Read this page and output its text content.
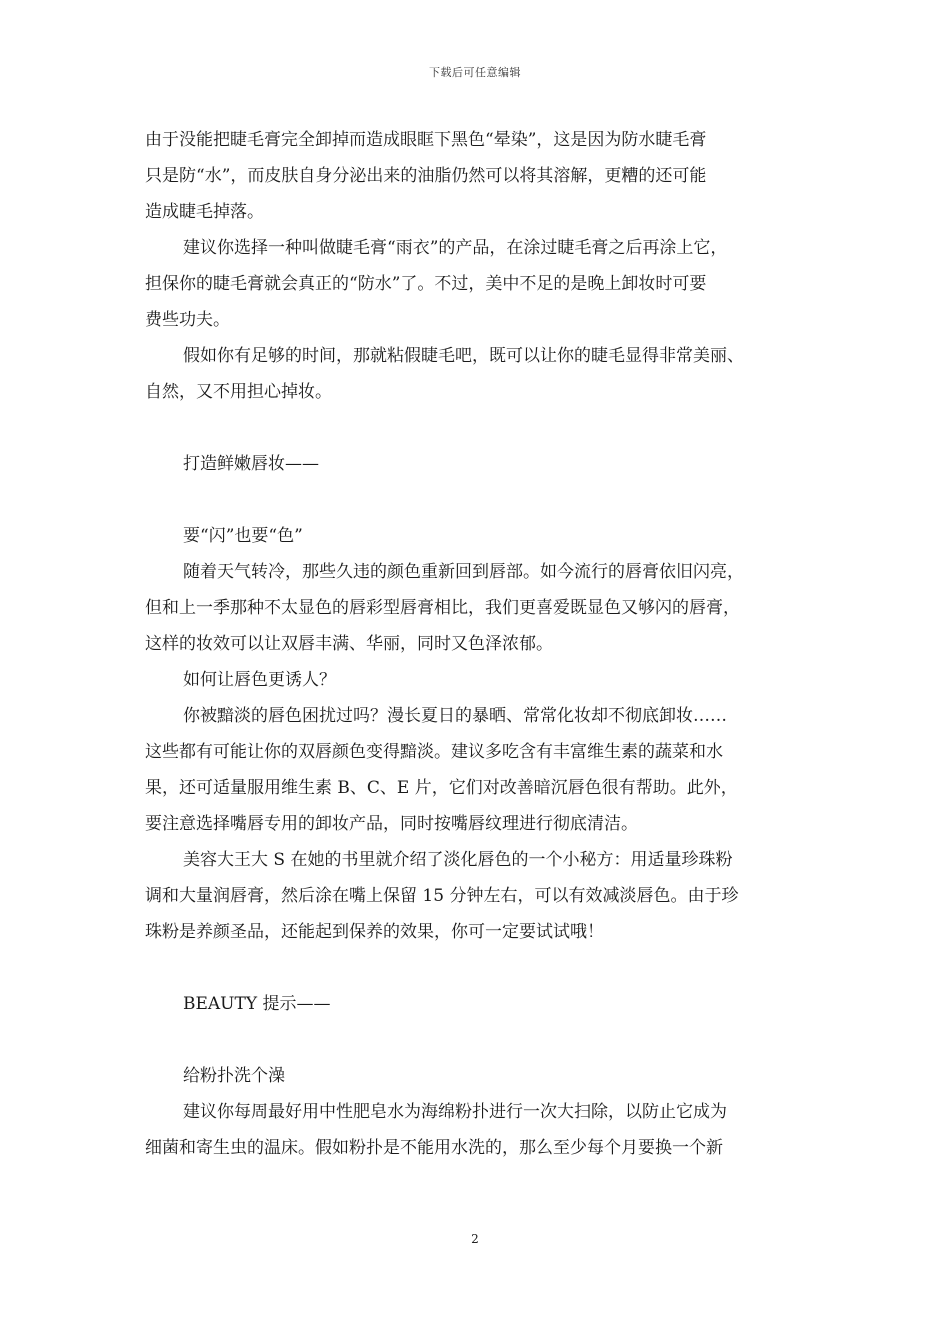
下载后可任意编辑
由于没能把睫毛膏完全卸掉而造成眼眶下黑色“晕染”，这是因为防水睫毛膏
只是防“水”，而皮肤自身分泌出来的油脂仍然可以将其溶解，更糟的还可能
造成睫毛掉落。
建议你选择一种叫做睫毛膏“雨衣”的产品，在涂过睫毛膏之后再涂上它，
担保你的睫毛膏就会真正的“防水”了。不过，美中不足的是晚上卸妆时可要
费些功夫。
假如你有足够的时间，那就粘假睫毛吧，既可以让你的睫毛显得非常美丽、
自然，又不用担心掉妆。
打造鲜嫩唇妆——
要“闪”也要“色”
随着天气转冷，那些久违的颜色重新回到唇部。如今流行的唇膏依旧闪亮，
但和上一季那种不太显色的唇彩型唇膏相比，我们更喜爱既显色又够闪的唇膏，
这样的妆效可以让双唇丰满、华丽，同时又色泽浓郁。
如何让唇色更诱人？
你被黯淡的唇色困扰过吗？漫长夏日的暴晒、常常化妆却不彻底卸妆……
这些都有可能让你的双唇颜色变得黯淡。建议多吃含有丰富维生素的蔬菜和水
果，还可适量服用维生素 B、C、E 片，它们对改善暗沉唇色很有帮助。此外，
要注意选择嘴唇专用的卸妆产品，同时按嘴唇纹理进行彻底清洁。
美容大王大 S 在她的书里就介绍了淡化唇色的一个小秘方：用适量珍珠粉
调和大量润唇膏，然后涂在嘴上保留 15 分钟左右，可以有效减淡唇色。由于珍
珠粉是养颜圣品，还能起到保养的效果，你可一定要试试哦！
BEAUTY 提示——
给粉扑洗个澡
建议你每周最好用中性肥皂水为海绵粉扑进行一次大扫除，以防止它成为
细菌和寄生虫的温床。假如粉扑是不能用水洗的，那么至少每个月要换一个新
2
